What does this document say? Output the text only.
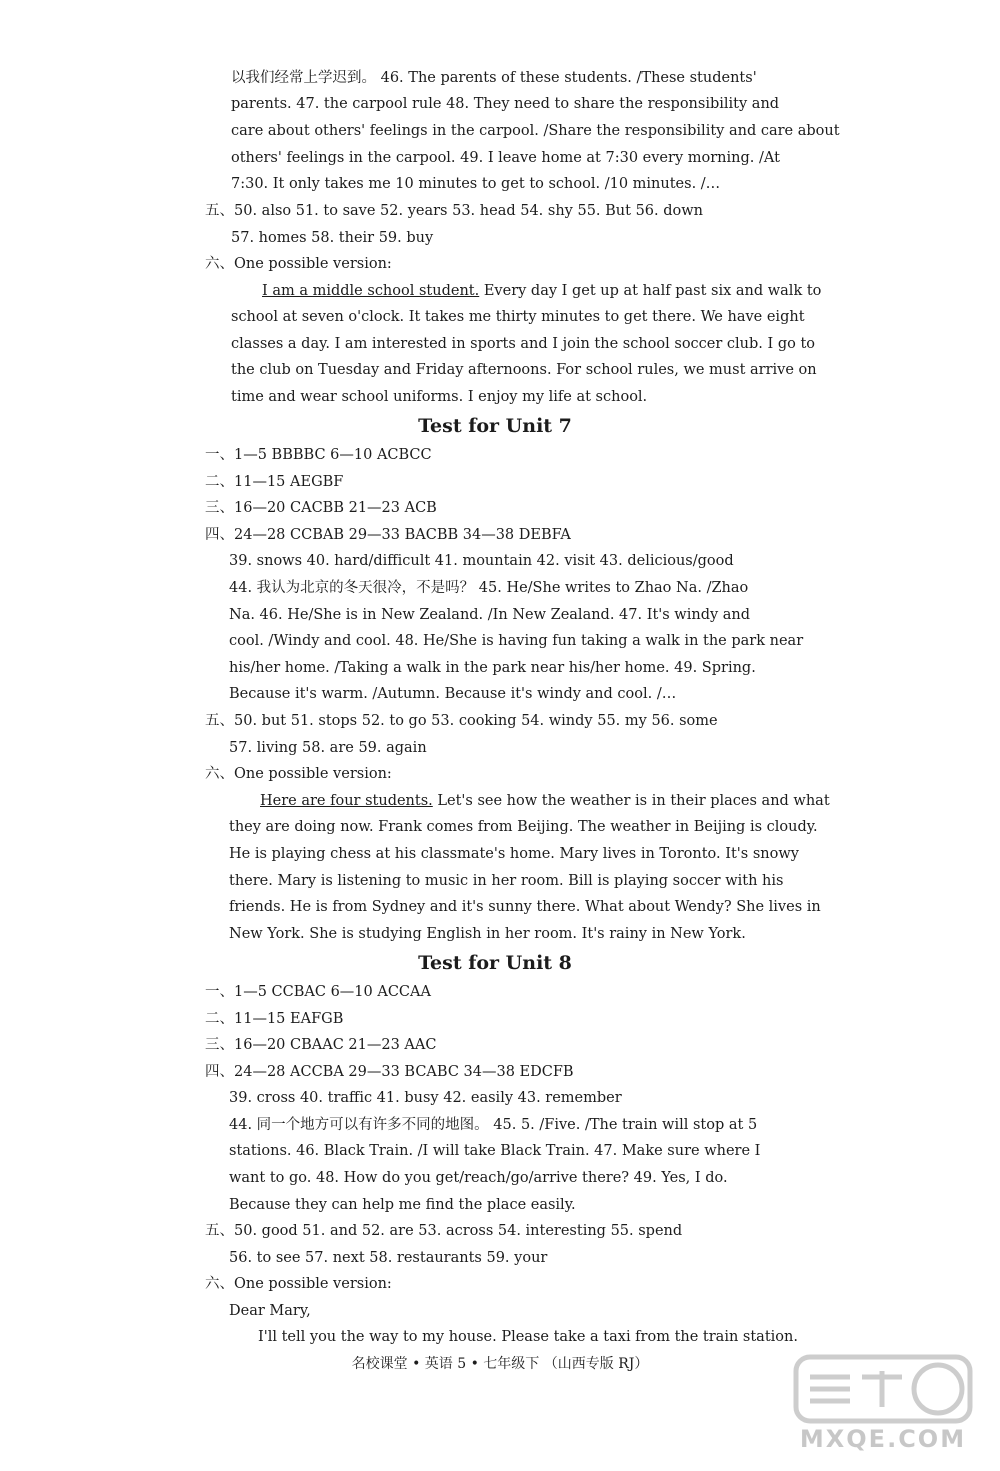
以我们经常上学迟到。 46. The parents of these students. /These students'
parents. 47. the carpool rule 48. They need to share the responsibility and
care about others' feelings in the carpool. /Share the responsibility and care about
others' feelings in the carpool. 49. I leave home at 7:30 every morning. /At
7:30. It only takes me 10 minutes to get to school. /10 minutes. /…
五、50. also 51. to save 52. years 53. head 54. shy 55. But 56. down
57. homes 58. their 59. buy
六、One possible version:
I am a middle school student. Every day I get up at half past six and walk to
school at seven o'clock. It takes me thirty minutes to get there. We have eight
classes a day. I am interested in sports and I join the school soccer club. I go to
the club on Tuesday and Friday afternoons. For school rules, we must arrive on
time and wear school uniforms. I enjoy my life at school.
Test for Unit 7
一、1—5 BBBBC 6—10 ACBCC
二、11—15 AEGBF
三、16—20 CACBB 21—23 ACB
四、24—28 CCBAB 29—33 BACBB 34—38 DEBFA
39. snows 40. hard/difficult 41. mountain 42. visit 43. delicious/good
44. 我认为北京的冬天很冷，不是吗？ 45. He/She writes to Zhao Na. /Zhao
Na. 46. He/She is in New Zealand. /In New Zealand. 47. It's windy and
cool. /Windy and cool. 48. He/She is having fun taking a walk in the park near
his/her home. /Taking a walk in the park near his/her home. 49. Spring.
Because it's warm. /Autumn. Because it's windy and cool. /…
五、50. but 51. stops 52. to go 53. cooking 54. windy 55. my 56. some
57. living 58. are 59. again
六、One possible version:
Here are four students. Let's see how the weather is in their places and what
they are doing now. Frank comes from Beijing. The weather in Beijing is cloudy.
He is playing chess at his classmate's home. Mary lives in Toronto. It's snowy
there. Mary is listening to music in her room. Bill is playing soccer with his
friends. He is from Sydney and it's sunny there. What about Wendy? She lives in
New York. She is studying English in her room. It's rainy in New York.
Test for Unit 8
一、1—5 CCBAC 6—10 ACCAA
二、11—15 EAFGB
三、16—20 CBAAC 21—23 AAC
四、24—28 ACCBA 29—33 BCABC 34—38 EDCFB
39. cross 40. traffic 41. busy 42. easily 43. remember
44. 同一个地方可以有许多不同的地图。 45. 5. /Five. /The train will stop at 5
stations. 46. Black Train. /I will take Black Train. 47. Make sure where I
want to go. 48. How do you get/reach/go/arrive there? 49. Yes, I do.
Because they can help me find the place easily.
五、50. good 51. and 52. are 53. across 54. interesting 55. spend
56. to see 57. next 58. restaurants 59. your
六、One possible version:
Dear Mary,
I'll tell you the way to my house. Please take a taxi from the train station.
名校课堂 • 英语 5 • 七年级下 （山西专版 RJ）
MXQE.COM
